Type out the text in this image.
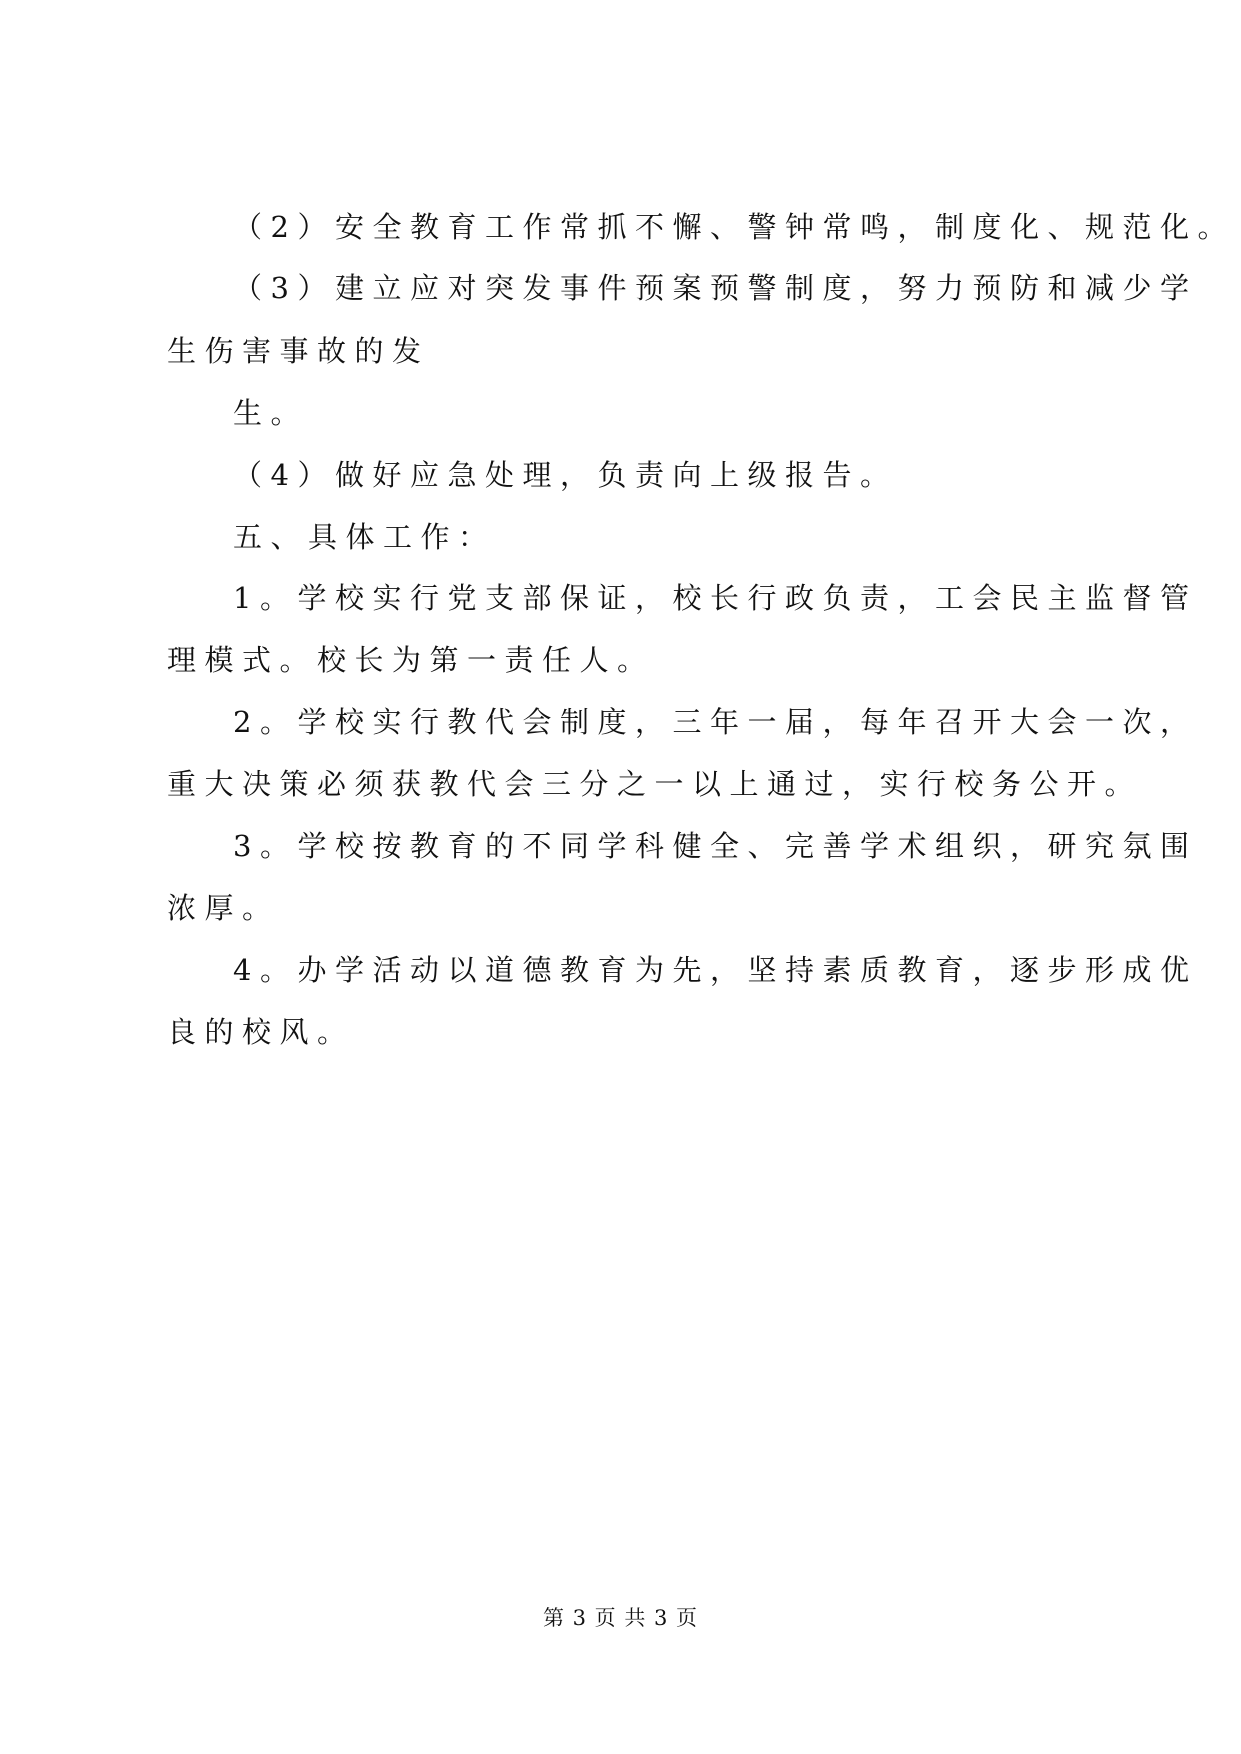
（2）安全教育工作常抓不懈、警钟常鸣，制度化、规范化。
（3）建立应对突发事件预案预警制度，努力预防和减少学
生伤害事故的发
生。
（4）做好应急处理，负责向上级报告。
五、具体工作：
1。学校实行党支部保证，校长行政负责，工会民主监督管
理模式。校长为第一责任人。
2。学校实行教代会制度，三年一届，每年召开大会一次，
重大决策必须获教代会三分之一以上通过，实行校务公开。
3。学校按教育的不同学科健全、完善学术组织，研究氛围
浓厚。
4。办学活动以道德教育为先，坚持素质教育，逐步形成优
良的校风。
第 3 页 共 3 页
